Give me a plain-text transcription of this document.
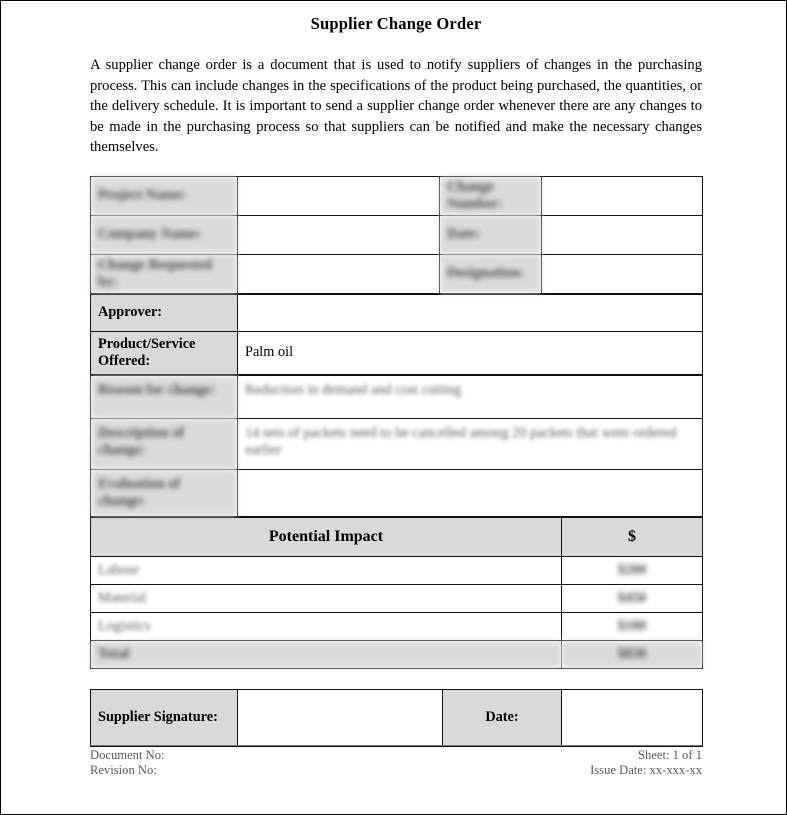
Supplier Change Order

A supplier change order is a document that is used to notify suppliers of changes in the purchasing process. This can include changes in the specifications of the product being purchased, the quantities, or the delivery schedule. It is important to send a supplier change order whenever there are any changes to be made in the purchasing process so that suppliers can be notified and make the necessary changes themselves.

Project Name:		Change Number:	
Company Name:		Date:	
Change Requested by:		Designation:	
Approver:	
Product/Service Offered:	Palm oil
Reason for change:	Reduction in demand and cost cutting
Description of change:	14 sets of packets need to be cancelled among 20 packets that were ordered earlier
Evaluation of change:	
Potential Impact	$
Labour	$200
Material	$450
Logistics	$180
Total	$830
Supplier Signature:		Date:	
Document No:	Sheet: 1 of 1
Revision No:	Issue Date: xx-xxx-xx
